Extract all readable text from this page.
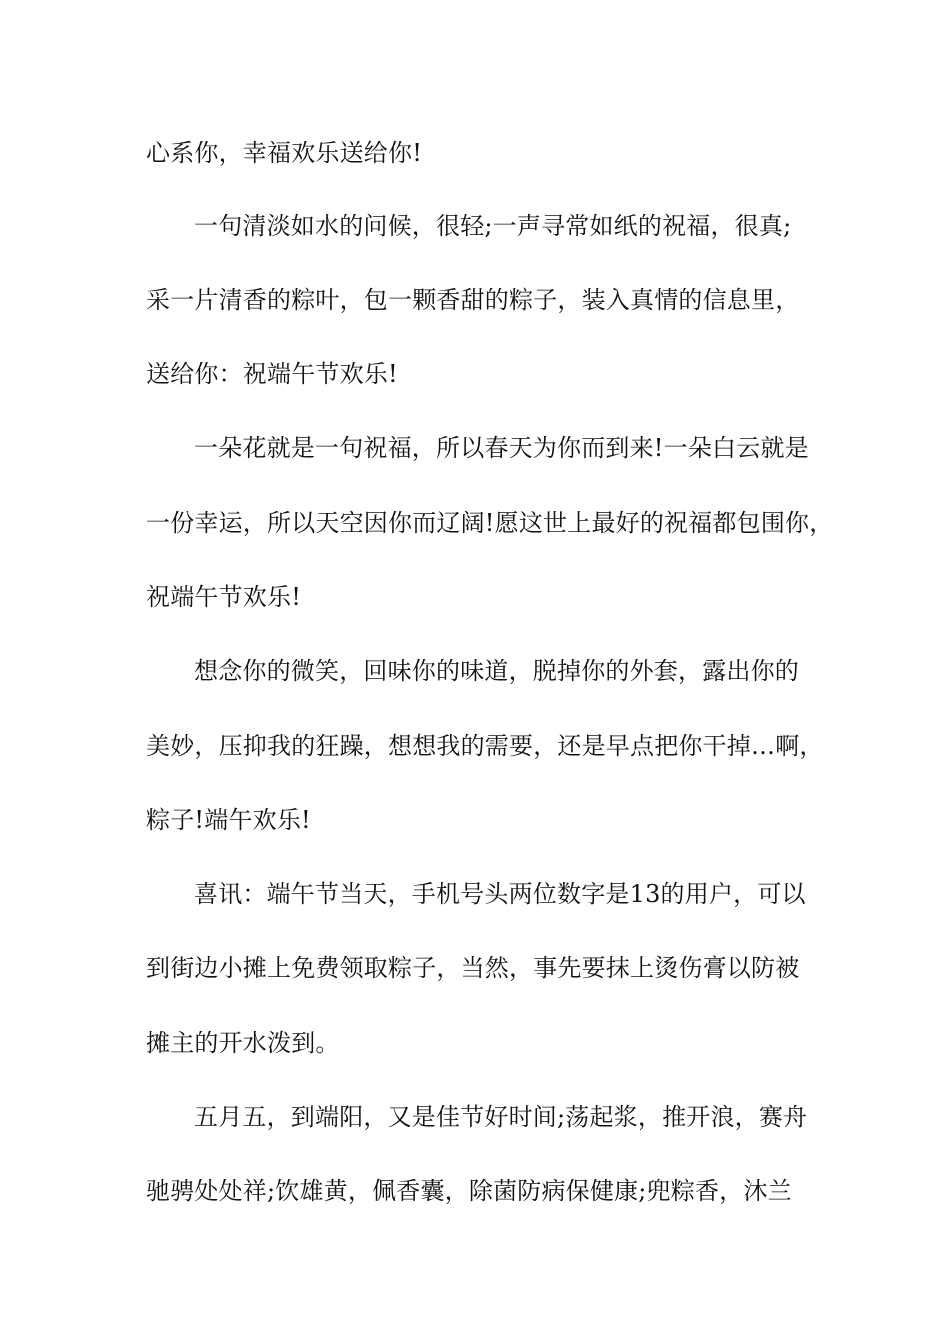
心系你，幸福欢乐送给你!
一句清淡如水的问候，很轻;一声寻常如纸的祝福，很真;
采一片清香的粽叶，包一颗香甜的粽子，装入真情的信息里，
送给你：祝端午节欢乐!
一朵花就是一句祝福，所以春天为你而到来!一朵白云就是
一份幸运，所以天空因你而辽阔!愿这世上最好的祝福都包围你，
祝端午节欢乐!
想念你的微笑，回味你的味道，脱掉你的外套，露出你的
美妙，压抑我的狂躁，想想我的需要，还是早点把你干掉…啊，
粽子!端午欢乐!
喜讯：端午节当天，手机号头两位数字是13的用户，可以
到街边小摊上免费领取粽子，当然，事先要抹上烫伤膏以防被
摊主的开水泼到。
五月五，到端阳，又是佳节好时间;荡起浆，推开浪，赛舟
驰骋处处祥;饮雄黄，佩香囊，除菌防病保健康;兜粽香，沐兰
